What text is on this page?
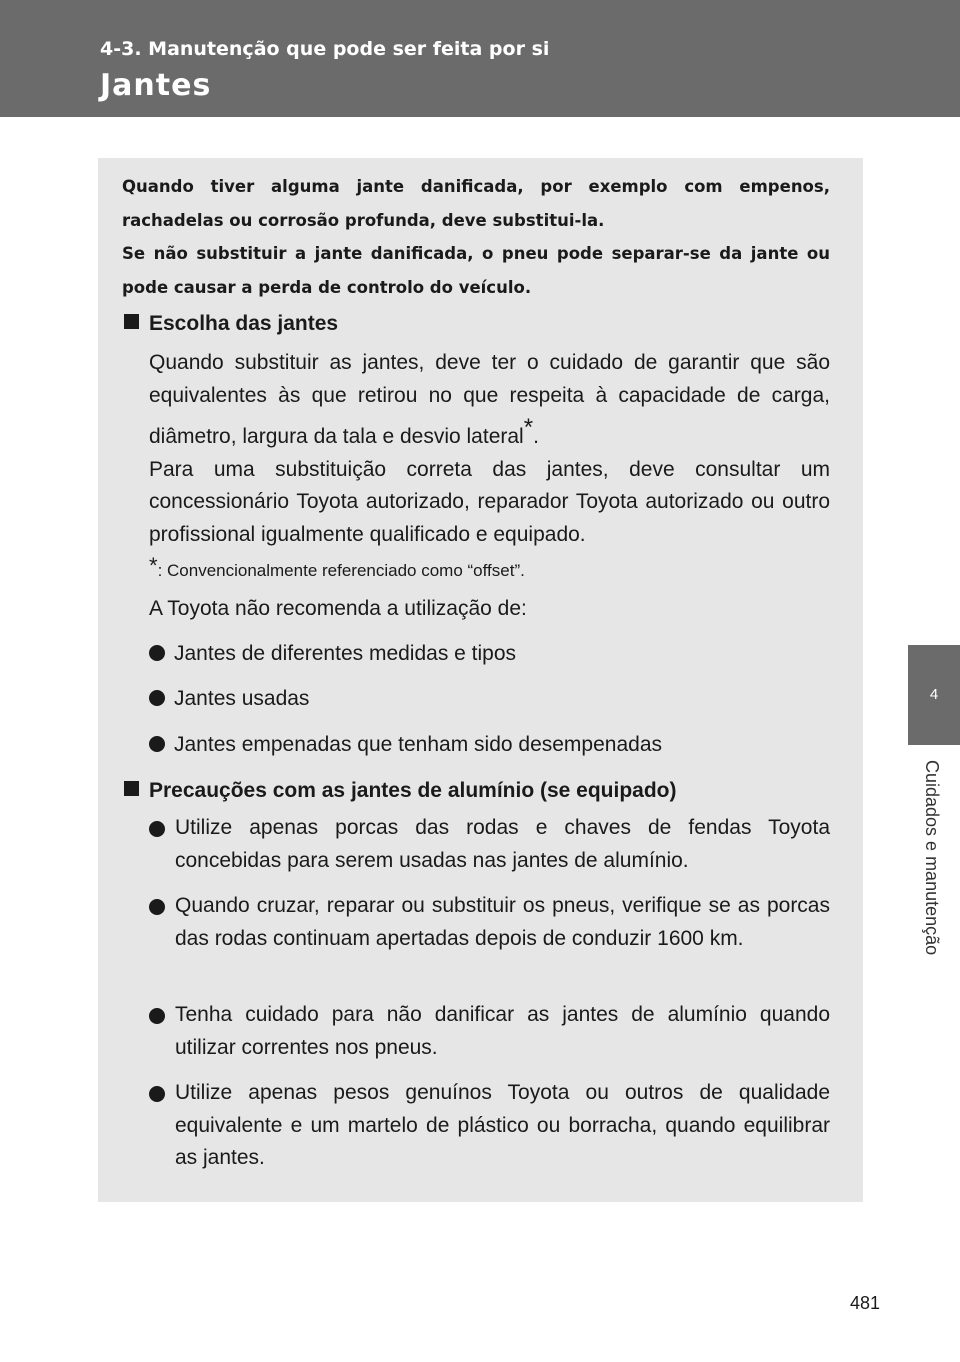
4-3. Manutenção que pode ser feita por si
Jantes
4
Cuidados e manutenção

Quando tiver alguma jante danificada, por exemplo com empenos, rachadelas ou corrosão profunda, deve substitui-la.

Se não substituir a jante danificada, o pneu pode separar-se da jante ou pode causar a perda de controlo do veículo.

Escolha das jantes

Quando substituir as jantes, deve ter o cuidado de garantir que são equivalentes às que retirou no que respeita à capacidade de carga, diâmetro, largura da tala e desvio lateral*.

Para uma substituição correta das jantes, deve consultar um concessionário Toyota autorizado, reparador Toyota autorizado ou outro profissional igualmente qualificado e equipado.

*: Convencionalmente referenciado como “offset”.
A Toyota não recomenda a utilização de:
Jantes de diferentes medidas e tipos
Jantes usadas
Jantes empenadas que tenham sido desempenadas
Precauções com as jantes de alumínio (se equipado)
Utilize apenas porcas das rodas e chaves de fendas Toyota concebidas para serem usadas nas jantes de alumínio.
Quando cruzar, reparar ou substituir os pneus, verifique se as porcas das rodas continuam apertadas depois de conduzir 1600 km.
Tenha cuidado para não danificar as jantes de alumínio quando utilizar correntes nos pneus.
Utilize apenas pesos genuínos Toyota ou outros de qualidade equivalente e um martelo de plástico ou borracha, quando equilibrar as jantes.
481
